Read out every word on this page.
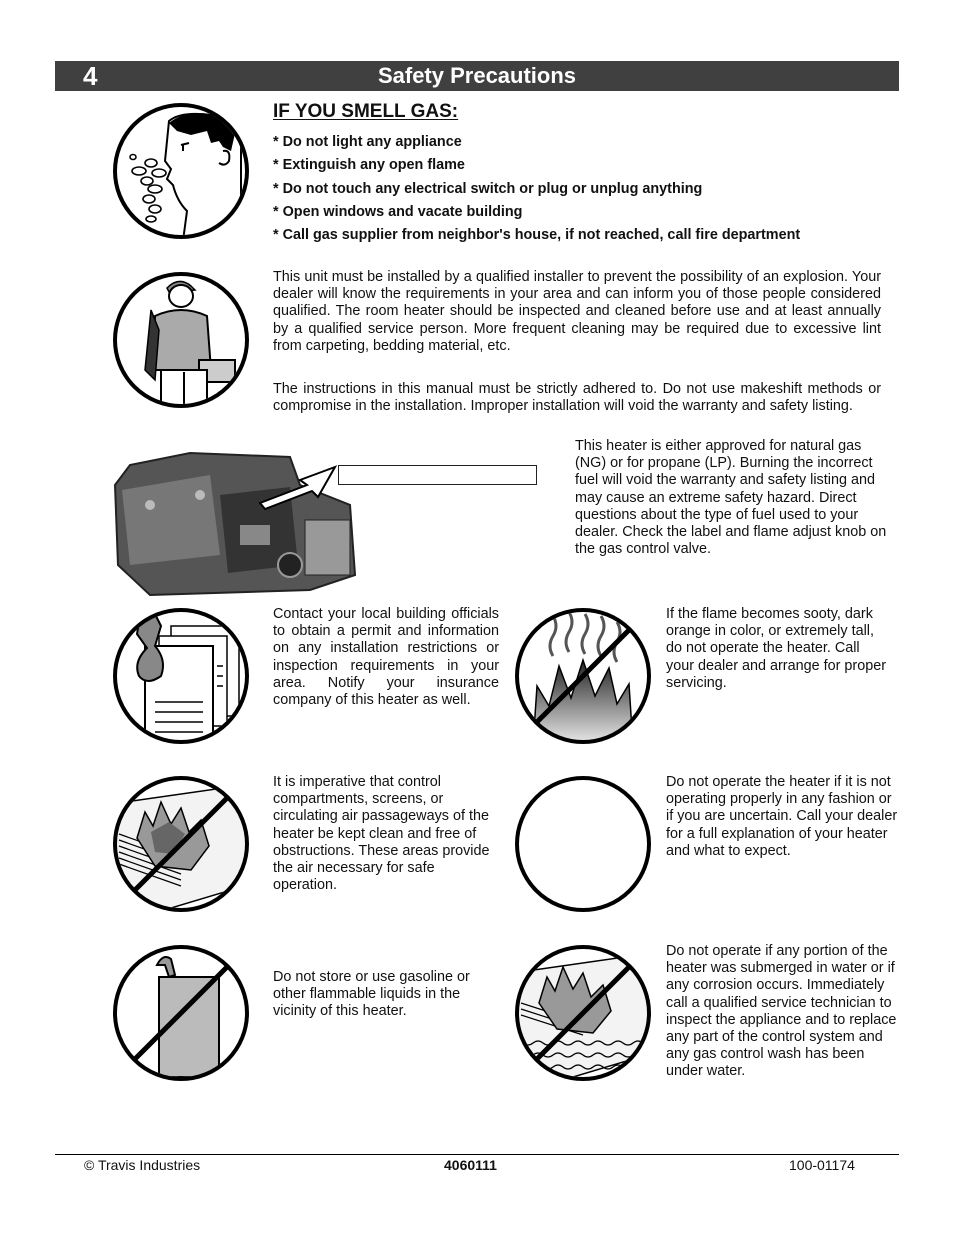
4	Safety Precautions
IF YOU SMELL GAS:
* Do not light any appliance
* Extinguish any open flame
* Do not touch any electrical switch or plug or unplug anything
* Open windows and vacate building
* Call gas supplier from neighbor's house, if not reached, call fire department
This unit must be installed by a qualified installer to prevent the possibility of an explosion. Your dealer will know the requirements in your area and can inform you of those people considered qualified. The room heater should be inspected and cleaned before use and at least annually by a qualified service person. More frequent cleaning may be required due to excessive lint from carpeting, bedding material, etc.
The instructions in this manual must be strictly adhered to. Do not use makeshift methods or compromise in the installation. Improper installation will void the warranty and safety listing.
This heater is either approved for natural gas (NG) or for propane (LP). Burning the incorrect fuel will void the warranty and safety listing and may cause an extreme safety hazard. Direct questions about the type of fuel used to your dealer. Check the label and flame adjust knob on the gas control valve.
Contact your local building officials to obtain a permit and information on any installation restrictions or inspection requirements in your area. Notify your insurance company of this heater as well.
If the flame becomes sooty, dark orange in color, or extremely tall, do not operate the heater. Call your dealer and arrange for proper servicing.
It is imperative that control compartments, screens, or circulating air passageways of the heater be kept clean and free of obstructions. These areas provide the air necessary for safe operation.
Do not operate the heater if it is not operating properly in any fashion or if you are uncertain. Call your dealer for a full explanation of your heater and what to expect.
Do not store or use gasoline or other flammable liquids in the vicinity of this heater.
Do not operate if any portion of the heater was submerged in water or if any corrosion occurs. Immediately call a qualified service technician to inspect the appliance and to replace any part of the control system and any gas control wash has been under water.
© Travis Industries	4060111	100-01174
